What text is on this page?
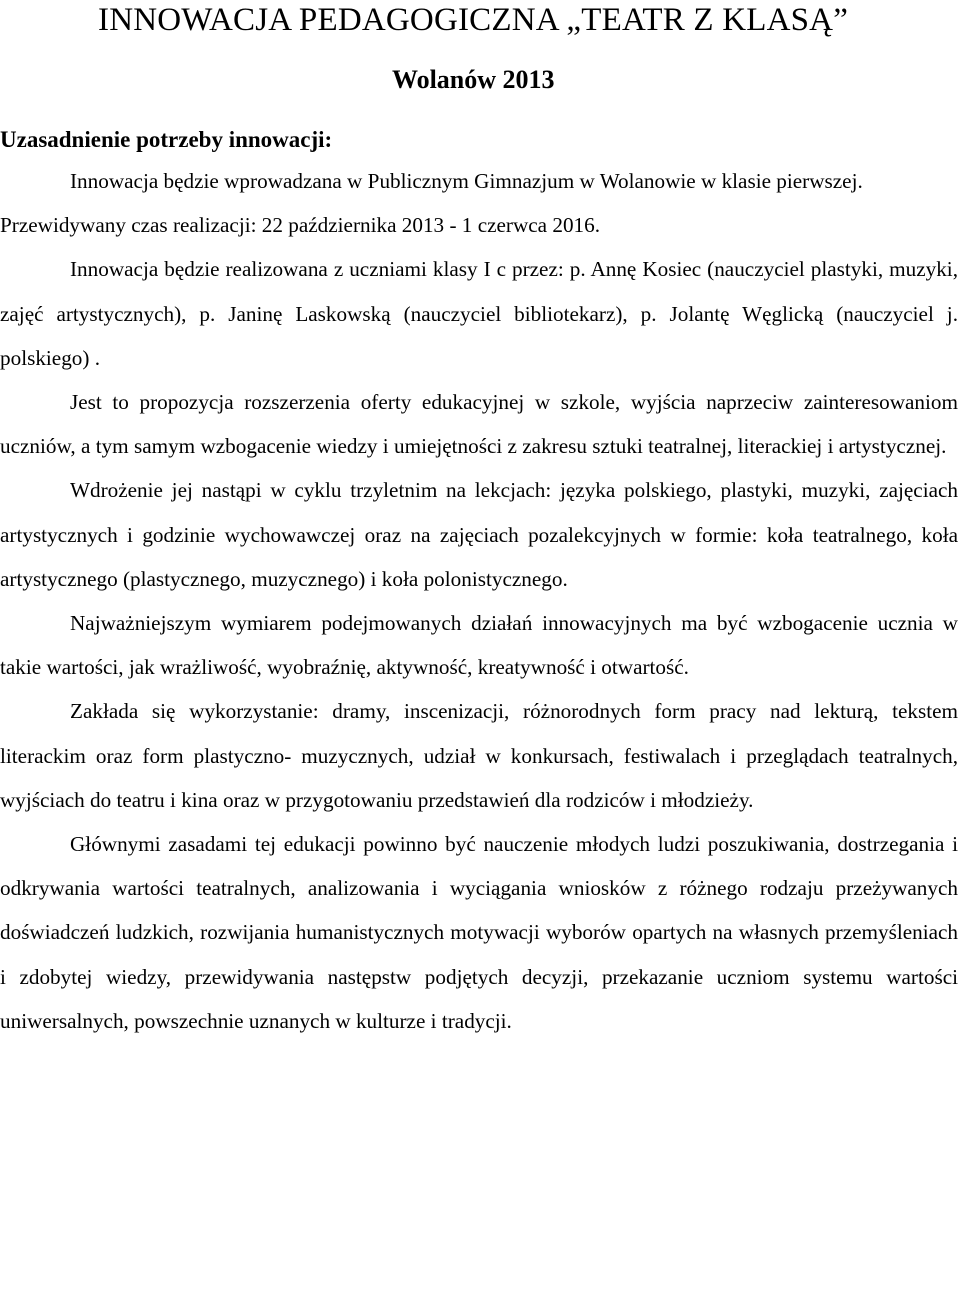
INNOWACJA PEDAGOGICZNA „TEATR Z KLASĄ”
Wolanów 2013
Uzasadnienie potrzeby innowacji:

Innowacja będzie wprowadzana w Publicznym Gimnazjum w Wolanowie w klasie pierwszej.

Przewidywany czas realizacji: 22 października 2013 - 1 czerwca 2016.

Innowacja będzie realizowana z uczniami klasy I c przez: p. Annę Kosiec (nauczyciel plastyki, muzyki, zajęć artystycznych), p. Janinę Laskowską (nauczyciel bibliotekarz), p. Jolantę Węglicką (nauczyciel j. polskiego) .

Jest to propozycja rozszerzenia oferty edukacyjnej w szkole, wyjścia naprzeciw zainteresowaniom uczniów, a tym samym wzbogacenie wiedzy i umiejętności z zakresu sztuki teatralnej, literackiej i artystycznej.

Wdrożenie jej nastąpi w cyklu trzyletnim na lekcjach: języka polskiego, plastyki, muzyki, zajęciach artystycznych i godzinie wychowawczej oraz na zajęciach pozalekcyjnych w formie: koła teatralnego, koła artystycznego (plastycznego, muzycznego) i koła polonistycznego.

Najważniejszym wymiarem podejmowanych działań innowacyjnych ma być wzbogacenie ucznia w takie wartości, jak wrażliwość, wyobraźnię, aktywność, kreatywność i otwartość.

Zakłada się wykorzystanie: dramy, inscenizacji, różnorodnych form pracy nad lekturą, tekstem literackim oraz form plastyczno- muzycznych, udział w konkursach, festiwalach i przeglądach teatralnych, wyjściach do teatru i kina oraz w przygotowaniu przedstawień dla rodziców i młodzieży.

Głównymi zasadami tej edukacji powinno być nauczenie młodych ludzi poszukiwania, dostrzegania i odkrywania wartości teatralnych, analizowania i wyciągania wniosków z różnego rodzaju przeżywanych doświadczeń ludzkich, rozwijania humanistycznych motywacji wyborów opartych na własnych przemyśleniach i zdobytej wiedzy, przewidywania następstw podjętych decyzji, przekazanie uczniom systemu wartości uniwersalnych, powszechnie uznanych w kulturze i tradycji.
